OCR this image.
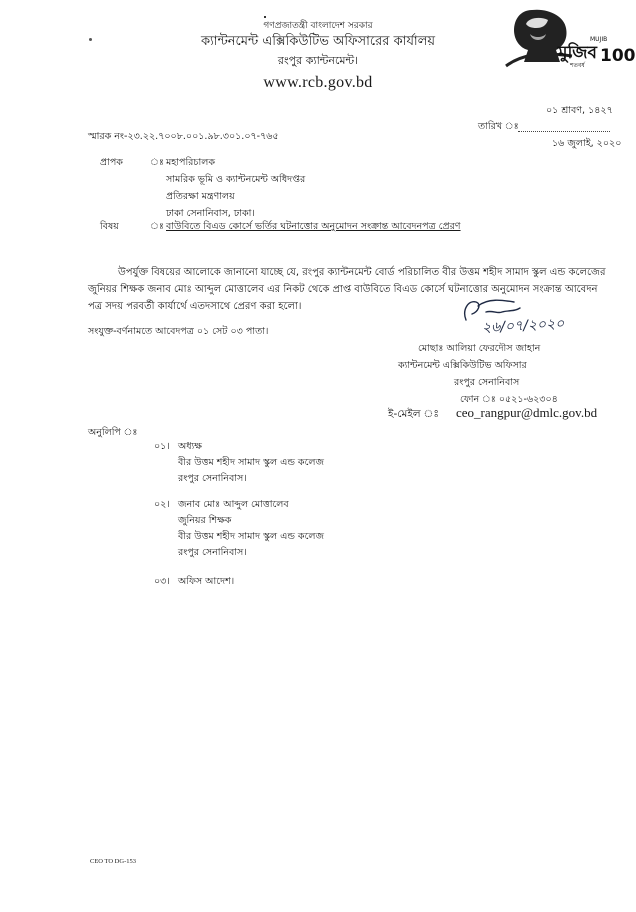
গণপ্রজাতন্ত্রী বাংলাদেশ সরকার
ক্যান্টনমেন্ট এক্সিকিউটিভ অফিসারের কার্যালয়
রংপুর ক্যান্টনমেন্ট।
www.rcb.gov.bd
মুজিব
MUJIB
শতবর্ষ 100
স্মারক নং-২৩.২২.৭০০৮.০০১.৯৮.৩০১.০৭-৭৬৫
০১ শ্রাবণ, ১৪২৭
তারিখ ঃ
১৬ জুলাই, ২০২০
প্রাপক	ঃ মহাপরিচালক
সামরিক ভূমি ও ক্যান্টনমেন্ট অধিদপ্তর
প্রতিরক্ষা মন্ত্রণালয়
ঢাকা সেনানিবাস, ঢাকা।
বিষয়	ঃ বাউবিতে বিএড কোর্সে ভর্তির ঘটনাত্তোর অনুমোদন সংক্রান্ত আবেদনপত্র প্রেরণ
উপর্যুক্ত বিষয়ের আলোকে জানানো যাচ্ছে যে, রংপুর ক্যান্টনমেন্ট বোর্ড পরিচালিত বীর উত্তম শহীদ সামাদ স্কুল এন্ড কলেজের জুনিয়র শিক্ষক জনাব মোঃ আব্দুল মোত্তালেব এর নিকট থেকে প্রাপ্ত বাউবিতে বিএড কোর্সে ঘটনাত্তোর অনুমোদন সংক্রান্ত আবেদন পত্র সদয় পরবর্তী কার্যার্থে এতদসাথে প্রেরণ করা হলো।
সংযুক্ত-বর্ণনামতে আবেদপত্র ০১ সেট ০৩ পাতা।	২৬/০৭/২০২০
মোছাঃ আলিয়া ফেরদৌস জাহান
ক্যান্টনমেন্ট এক্সিকিউটিভ অফিসার
রংপুর সেনানিবাস
ফোন ঃ ০৫২১-৬২৩০৪
ই-মেইল ঃ ceo_rangpur@dmlc.gov.bd
অনুলিপি ঃ
০১। অধ্যক্ষ
বীর উত্তম শহীদ সামাদ স্কুল এন্ড কলেজ
রংপুর সেনানিবাস।
০২। জনাব মোঃ আব্দুল মোত্তালেব
জুনিয়র শিক্ষক
বীর উত্তম শহীদ সামাদ স্কুল এন্ড কলেজ
রংপুর সেনানিবাস।
০৩। অফিস আদেশ।
CEO TO DG-153
